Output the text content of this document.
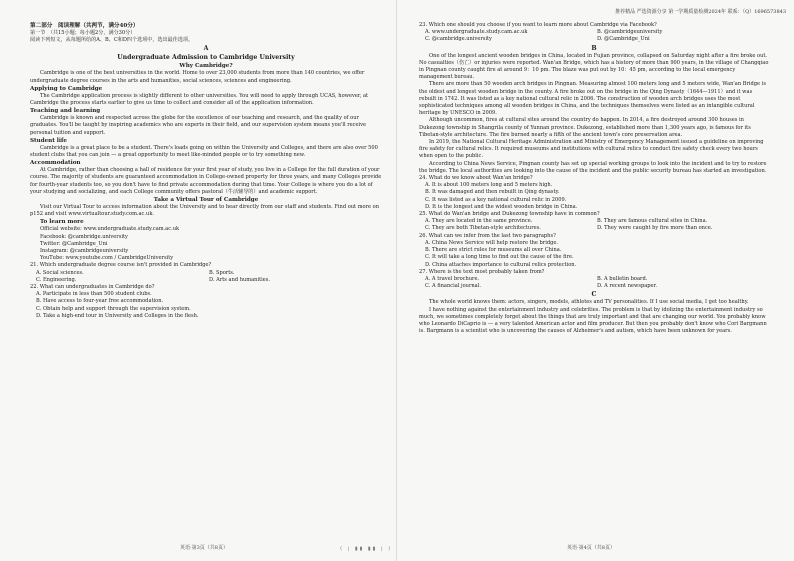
第二部分　阅读理解（共两节，满分40分）

第一节　（共15小题；每小题2分，满分30分）

阅读下列短文，从每题所给的A、B、C和D四个选项中，选出最佳选项。

A

Undergraduate Admission to Cambridge University

Why Cambridge?

Cambridge is one of the best universities in the world. Home to over 23,000 students from more than 140 countries, we offer undergraduate degree courses in the arts and humanities, social sciences, sciences and engineering.

Applying to Cambridge

The Cambridge application process is slightly different to other universities. You will need to apply through UCAS, however, at Cambridge the process starts earlier to give us time to collect and consider all of the application information.

Teaching and learning

Cambridge is known and respected across the globe for the excellence of our teaching and research, and the quality of our graduates. You'll be taught by inspiring academics who are experts in their field, and our supervision system means you'll receive personal tuition and support.

Student life

Cambridge is a great place to be a student. There's loads going on within the University and Colleges, and there are also over 500 student clubs that you can join — a great opportunity to meet like-minded people or to try something new.

Accommodation

At Cambridge, rather than choosing a hall of residence for your first year of study, you live in a College for the full duration of your course. The majority of students are guaranteed accommodation in College-owned property for three years, and many Colleges provide for fourth-year students too, so you don't have to find private accommodation during that time. Your College is where you do a lot of your studying and socializing, and each College community offers pastoral（牛活辅导的）and academic support.

Take a Virtual Tour of Cambridge

Visit our Virtual Tour to access information about the University and to hear directly from our staff and students. Find out more on p152 and visit www.virtualtour.study.com.ac.uk.

To learn more

Official website: www.undergraduate.study.cam.ac.uk

Facebook: @cambridge.university

Twitter: @Cambridge_Uni

Instagram: @cambridgeuniversity

YouTube: www.youtube.com / CambridgeUniversity

21. Which undergraduate degree course isn't provided in Cambridge?

A. Social sciences.	B. Sports.
C. Engineering.	D. Arts and humanities.

22. What can undergraduates in Cambridge do?

A. Participate in less than 500 student clubs.

B. Have access to four-year free accommodation.

C. Obtain help and support through the supervision system.

D. Take a high-end tour in University and Colleges in the flesh.

英语·第3页（共8页）
推荐精品 严选资源分享 第一学期质量检测2024年 联系：（Q）1696573843

23. Which one should you choose if you want to learn more about Cambridge via Facebook?

A. www.undergraduate.study.cam.ac.uk	B. @cambridgeuniversity
C. @cambridge.university	D. @Cambridge_Uni

B

One of the longest ancient wooden bridges in China, located in Fujian province, collapsed on Saturday night after a fire broke out. No casualties（伤亡）or injuries were reported. Wan'an Bridge, which has a history of more than 900 years, in the village of Changqiao in Pingnan county caught fire at around 9：10 pm. The blaze was put out by 10：45 pm, according to the local emergency management bureau.

There are more than 50 wooden arch bridges in Pingnan. Measuring almost 100 meters long and 5 meters wide, Wan'an Bridge is the oldest and longest wooden bridge in the county. A fire broke out on the bridge in the Qing Dynasty（1644—1911）and it was rebuilt in 1742. It was listed as a key national cultural relic in 2006. The construction of wooden arch bridges uses the most sophisticated techniques among all wooden bridges in China, and the techniques themselves were listed as an intangible cultural heritage by UNESCO in 2009.

Although uncommon, fires at cultural sites around the country do happen. In 2014, a fire destroyed around 300 houses in Dukezong township in Shangrila county of Yunnan province. Dukezong, established more than 1,300 years ago, is famous for its Tibetan-style architecture. The fire burned nearly a fifth of the ancient town's core preservation area.

In 2019, the National Cultural Heritage Administration and Ministry of Emergency Management issued a guideline on improving fire safety for cultural relics. It required museums and institutions with cultural relics to conduct fire safety check every two hours when open to the public.

According to China News Service, Pingnan county has set up special working groups to look into the incident and to try to restore the bridge. The local authorities are looking into the cause of the incident and the public security bureau has started an investigation.

24. What do we know about Wan'an bridge?

A. It is about 100 meters long and 5 meters high.

B. It was damaged and then rebuilt in Qing dynasty.

C. It was listed as a key national cultural relic in 2009.

D. It is the longest and the widest wooden bridge in China.

25. What do Wan'an bridge and Dukezong township have in common?

A. They are located in the same province.	B. They are famous cultural sites in China.
C. They are both Tibetan-style architectures.	D. They were caught by fire more than once.

26. What can we infer from the last two paragraphs?

A. China News Service will help restore the bridge.

B. There are strict rules for museums all over China.

C. It will take a long time to find out the cause of the fire.

D. China attaches importance to cultural relics protection.

27. Where is the text most probably taken from?

A. A travel brochure.	B. A bulletin board.
C. A financial journal.	D. A recent newspaper.

C

The whole world knows them: actors, singers, models, athletes and TV personalities. If I use social media, I get too healthy.

I have nothing against the entertainment industry and celebrities. The problem is that by idolizing the entertainment industry so much, we sometimes completely forget about the things that are truly important and that are changing our world. You probably know who Leonardo DiCaprio is — a very talented American actor and film producer. But then you probably don't know who Cori Bargmann is. Bargmann is a scientist who is uncovering the causes of Alzheimer's and autism, which have been unknown for years.

英语·第4页（共8页）
⟨ | ▮▮ ▮▮ | ⟩
